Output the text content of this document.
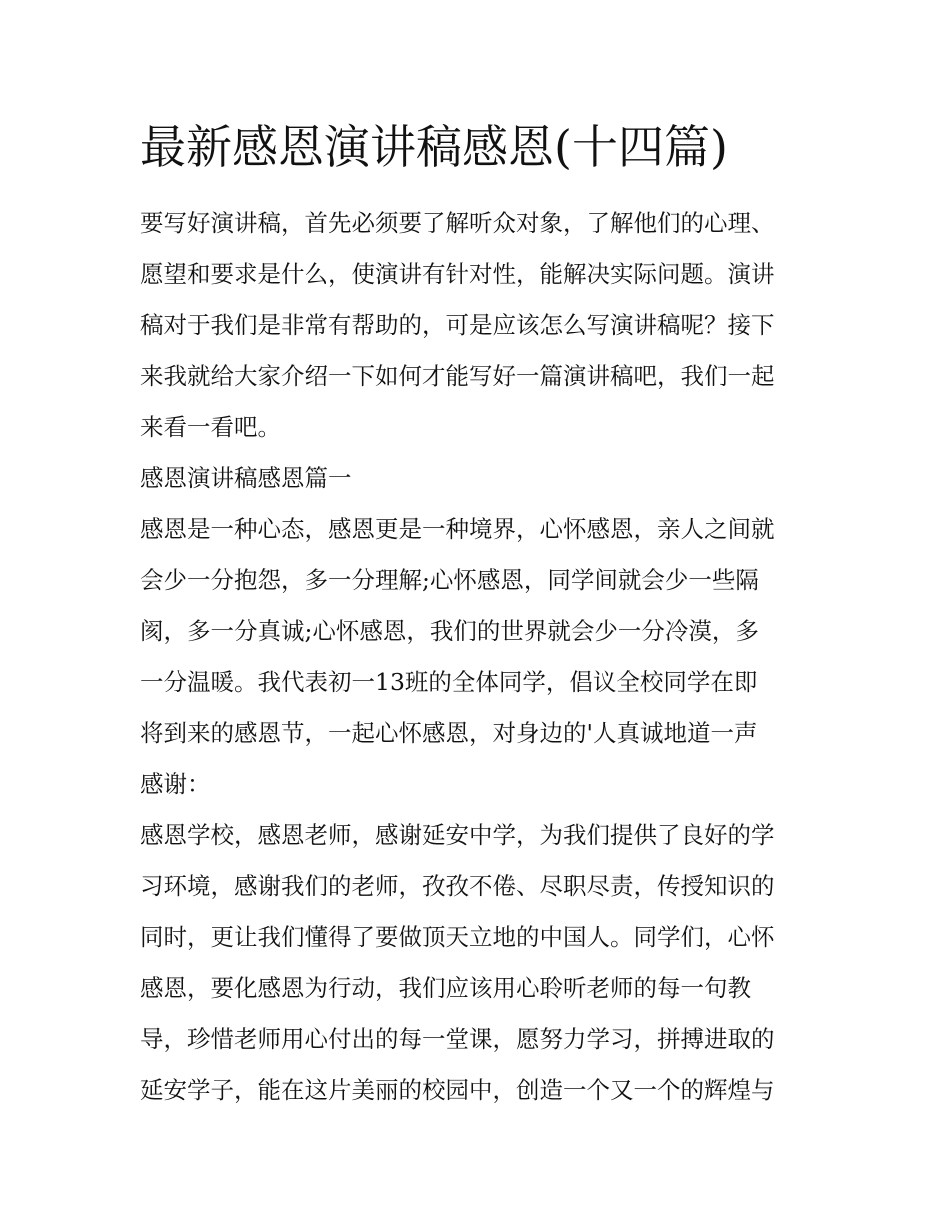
最新感恩演讲稿感恩(十四篇)
要写好演讲稿，首先必须要了解听众对象，了解他们的心理、
愿望和要求是什么，使演讲有针对性，能解决实际问题。演讲
稿对于我们是非常有帮助的，可是应该怎么写演讲稿呢？接下
来我就给大家介绍一下如何才能写好一篇演讲稿吧，我们一起
来看一看吧。
感恩演讲稿感恩篇一
感恩是一种心态，感恩更是一种境界，心怀感恩，亲人之间就
会少一分抱怨，多一分理解;心怀感恩，同学间就会少一些隔
阂，多一分真诚;心怀感恩，我们的世界就会少一分冷漠，多
一分温暖。我代表初一13班的全体同学，倡议全校同学在即
将到来的感恩节，一起心怀感恩，对身边的'人真诚地道一声
感谢：
感恩学校，感恩老师，感谢延安中学，为我们提供了良好的学
习环境，感谢我们的老师，孜孜不倦、尽职尽责，传授知识的
同时，更让我们懂得了要做顶天立地的中国人。同学们，心怀
感恩，要化感恩为行动，我们应该用心聆听老师的每一句教
导，珍惜老师用心付出的每一堂课，愿努力学习，拼搏进取的
延安学子，能在这片美丽的校园中，创造一个又一个的辉煌与
